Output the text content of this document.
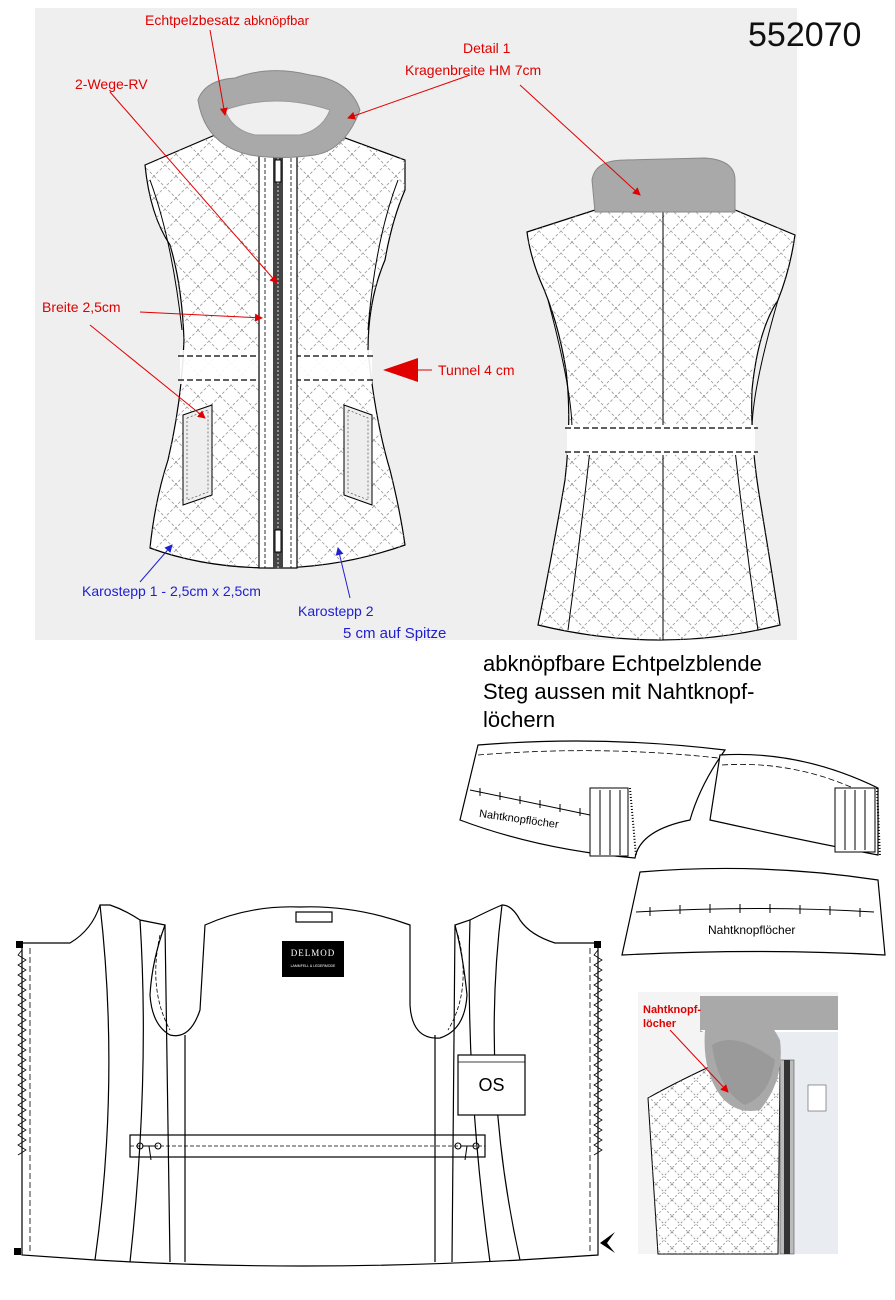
552070
Echtpelzbesatz abknöpfbar
Detail 1
Kragenbreite HM 7cm
2-Wege-RV
Breite 2,5cm
Tunnel 4 cm
Karostepp 1 - 2,5cm x 2,5cm
Karostepp 2
5 cm auf Spitze
abknöpfbare Echtpelzblende
Steg aussen mit Nahtknopf-
löchern
Nahtknopflöcher
Nahtknopflöcher
DELMOD
LAMMFELL & LEDERMODE
OS
Nahtknopf-
löcher
